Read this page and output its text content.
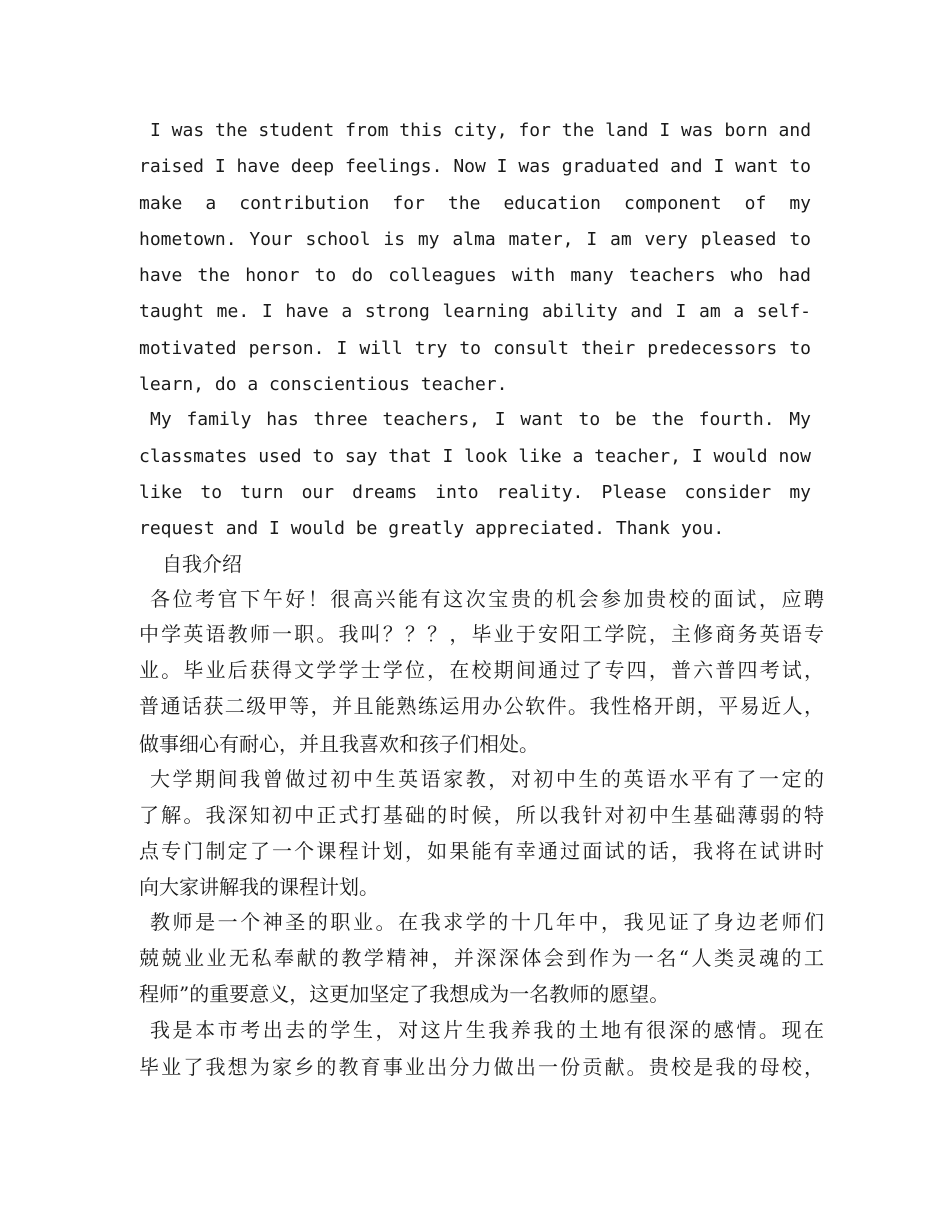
I was the student from this city, for the land I was born and
raised I have deep feelings. Now I was graduated and I want to
make a contribution for the education component of my
hometown. Your school is my alma mater, I am very pleased to
have the honor to do colleagues with many teachers who had
taught me. I have a strong learning ability and I am a self-
motivated person. I will try to consult their predecessors to
learn, do a conscientious teacher.
My family has three teachers, I want to be the fourth. My
classmates used to say that I look like a teacher, I would now
like to turn our dreams into reality. Please consider my
request and I would be greatly appreciated. Thank you.
自我介绍
各位考官下午好！很高兴能有这次宝贵的机会参加贵校的面试，应聘
中学英语教师一职。我叫？？？，毕业于安阳工学院，主修商务英语专
业。毕业后获得文学学士学位，在校期间通过了专四，普六普四考试，
普通话获二级甲等，并且能熟练运用办公软件。我性格开朗，平易近人，
做事细心有耐心，并且我喜欢和孩子们相处。
大学期间我曾做过初中生英语家教，对初中生的英语水平有了一定的
了解。我深知初中正式打基础的时候，所以我针对初中生基础薄弱的特
点专门制定了一个课程计划，如果能有幸通过面试的话，我将在试讲时
向大家讲解我的课程计划。
教师是一个神圣的职业。在我求学的十几年中，我见证了身边老师们
兢兢业业无私奉献的教学精神，并深深体会到作为一名“人类灵魂的工
程师”的重要意义，这更加坚定了我想成为一名教师的愿望。
我是本市考出去的学生，对这片生我养我的土地有很深的感情。现在
毕业了我想为家乡的教育事业出分力做出一份贡献。贵校是我的母校，
